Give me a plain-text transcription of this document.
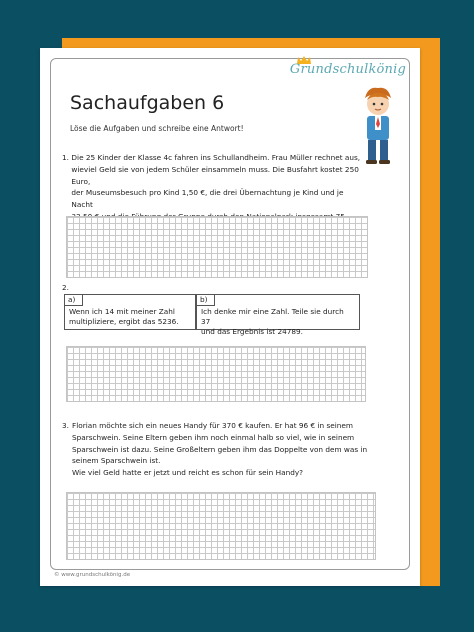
Grundschulkönig
Sachaufgaben 6
Löse die Aufgaben und schreibe eine Antwort!
1. Die 25 Kinder der Klasse 4c fahren ins Schullandheim. Frau Müller rechnet aus,
wieviel Geld sie von jedem Schüler einsammeln muss. Die Busfahrt kostet 250 Euro,
der Museumsbesuch pro Kind 1,50 €, die drei Übernachtung je Kind und je Nacht
2.
a)
Wenn ich 14 mit meiner Zahl
multipliziere, ergibt das 5236.
b)
Ich denke mir eine Zahl. Teile sie durch 37
und das Ergebnis ist 24789.
3. Florian möchte sich ein neues Handy für 370 € kaufen. Er hat 96 € in seinem
Sparschwein. Seine Eltern geben ihm noch einmal halb so viel, wie in seinem
Sparschwein ist dazu. Seine Großeltern geben ihm das Doppelte von dem was in
seinem Sparschwein ist.
Wie viel Geld hatte er jetzt und reicht es schon für sein Handy?
© www.grundschulkönig.de
